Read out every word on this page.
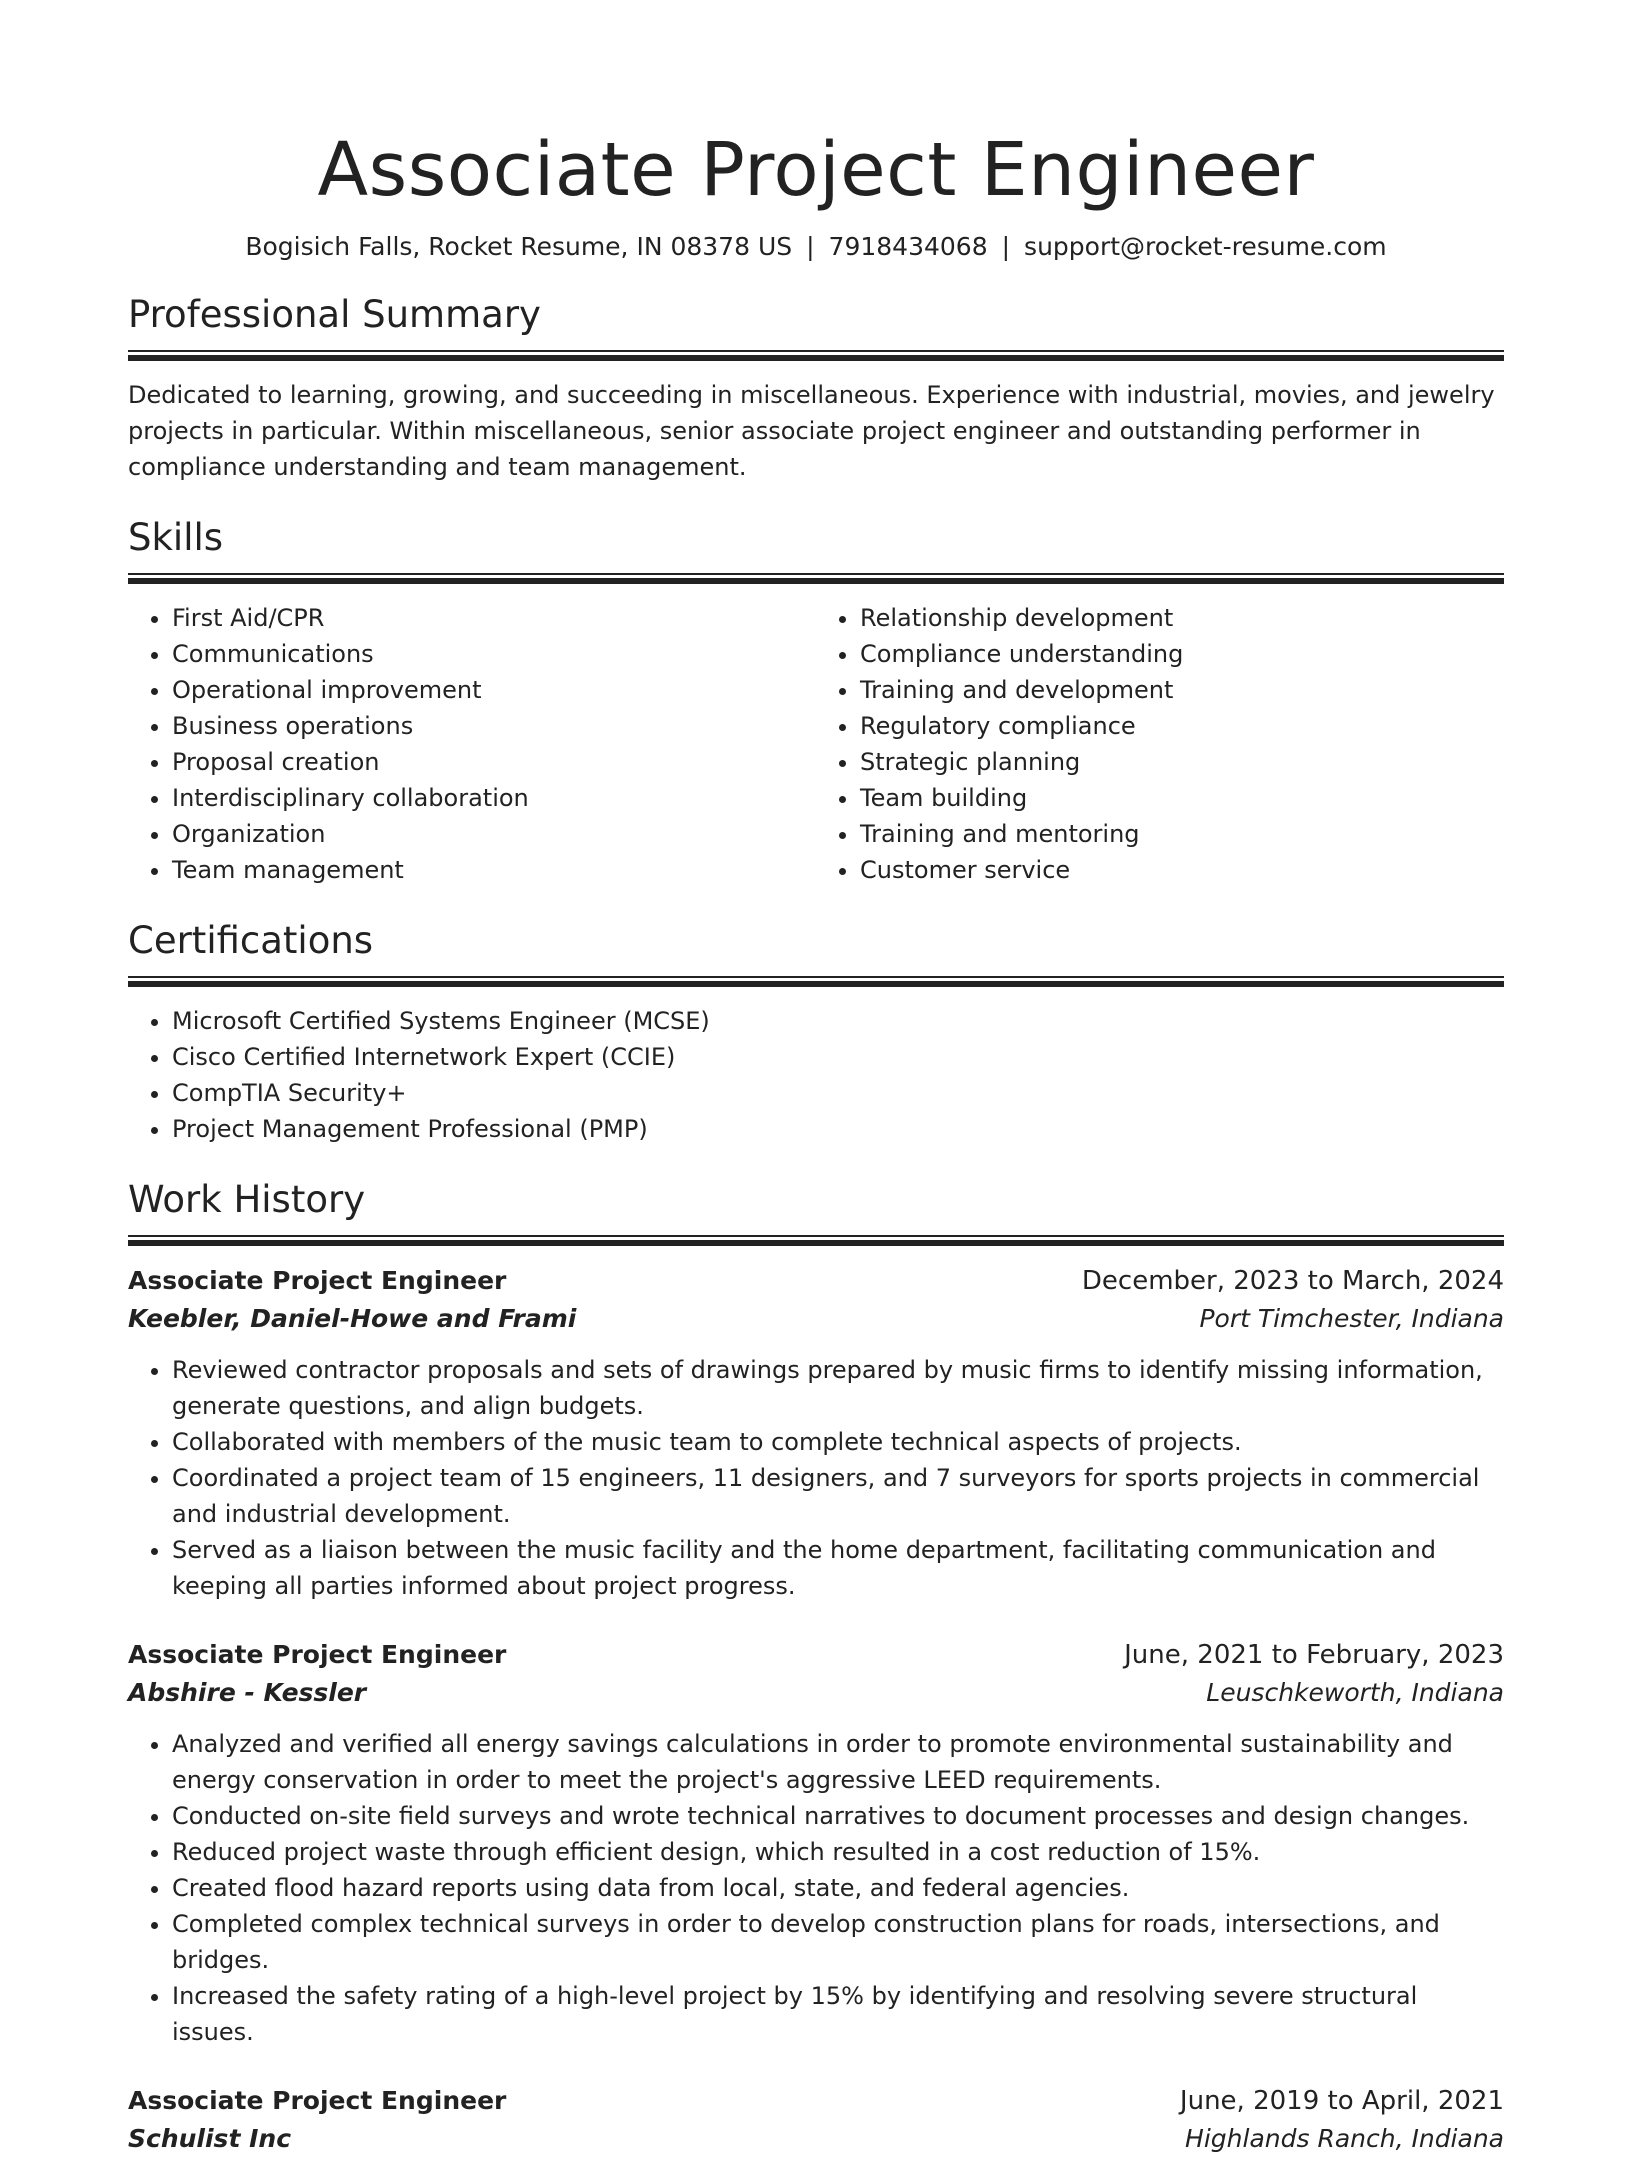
Associate Project Engineer
Bogisich Falls, Rocket Resume, IN 08378 US | 7918434068 | support@rocket-resume.com
Professional Summary

Dedicated to learning, growing, and succeeding in miscellaneous. Experience with industrial, movies, and jewelry projects in particular. Within miscellaneous, senior associate project engineer and outstanding performer in compliance understanding and team management.

Skills
• First Aid/CPR
• Communications
• Operational improvement
• Business operations
• Proposal creation
• Interdisciplinary collaboration
• Organization
• Team management
• Relationship development
• Compliance understanding
• Training and development
• Regulatory compliance
• Strategic planning
• Team building
• Training and mentoring
• Customer service
Certifications
• Microsoft Certified Systems Engineer (MCSE)
• Cisco Certified Internetwork Expert (CCIE)
• CompTIA Security+
• Project Management Professional (PMP)
Work History
Associate Project Engineer	December, 2023 to March, 2024
Keebler, Daniel-Howe and Frami	Port Timchester, Indiana
• Reviewed contractor proposals and sets of drawings prepared by music firms to identify missing information, generate questions, and align budgets.
• Collaborated with members of the music team to complete technical aspects of projects.
• Coordinated a project team of 15 engineers, 11 designers, and 7 surveyors for sports projects in commercial and industrial development.
• Served as a liaison between the music facility and the home department, facilitating communication and keeping all parties informed about project progress.
Associate Project Engineer	June, 2021 to February, 2023
Abshire - Kessler	Leuschkeworth, Indiana
• Analyzed and verified all energy savings calculations in order to promote environmental sustainability and energy conservation in order to meet the project's aggressive LEED requirements.
• Conducted on-site field surveys and wrote technical narratives to document processes and design changes.
• Reduced project waste through efficient design, which resulted in a cost reduction of 15%.
• Created flood hazard reports using data from local, state, and federal agencies.
• Completed complex technical surveys in order to develop construction plans for roads, intersections, and bridges.
• Increased the safety rating of a high-level project by 15% by identifying and resolving severe structural issues.
Associate Project Engineer	June, 2019 to April, 2021
Schulist Inc	Highlands Ranch, Indiana
